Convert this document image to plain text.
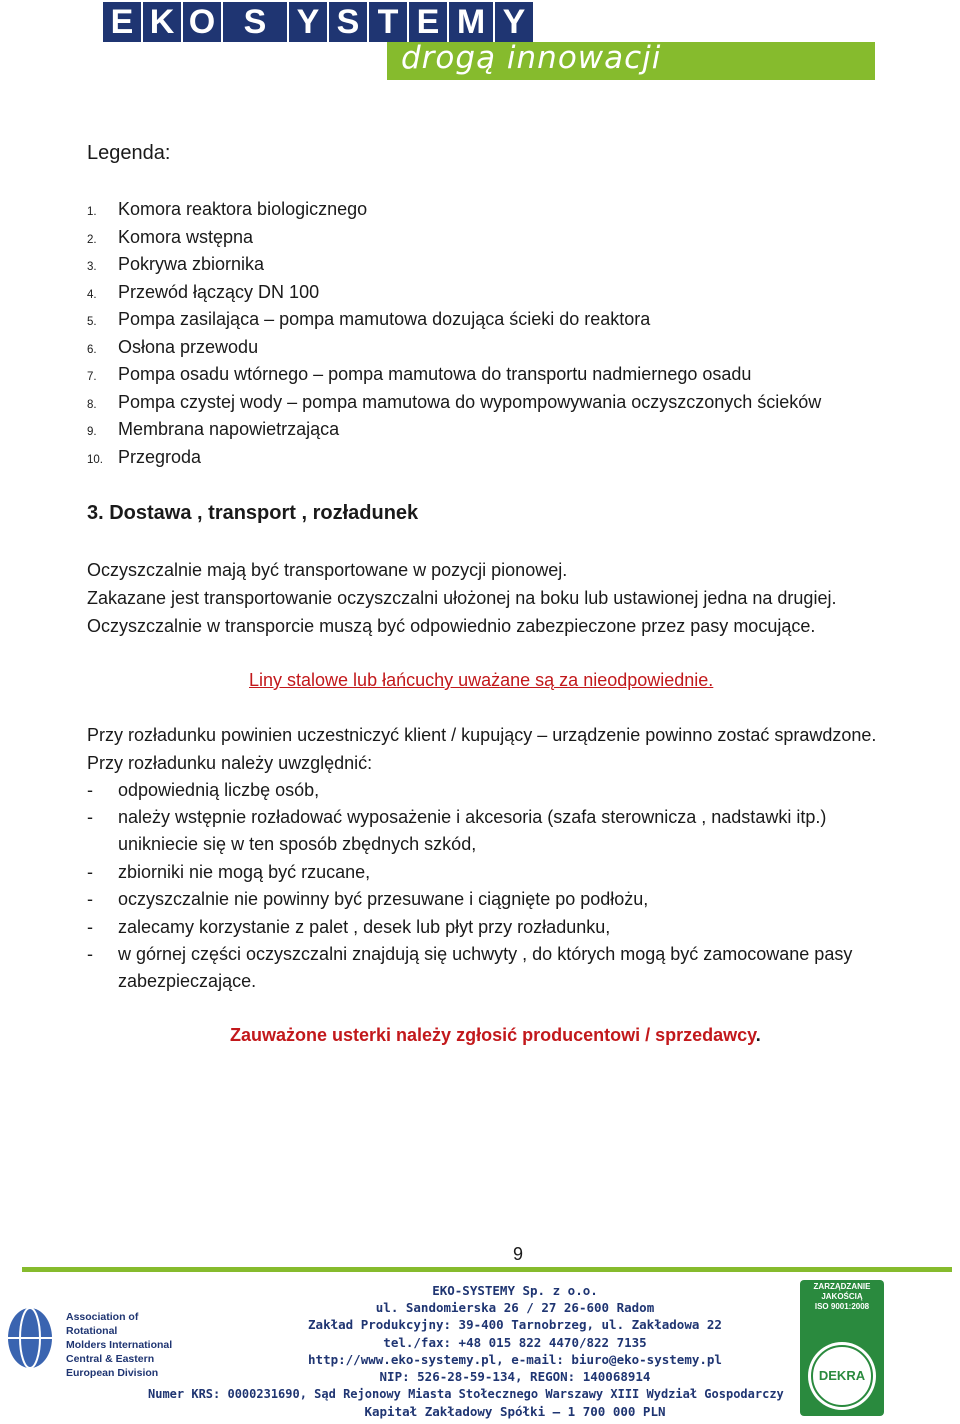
E K O S Y S T E M Y
drogą innowacji
Legenda:
1. Komora reaktora biologicznego
2. Komora wstępna
3. Pokrywa zbiornika
4. Przewód łączący DN 100
5. Pompa zasilająca – pompa mamutowa dozująca ścieki do reaktora
6. Osłona przewodu
7. Pompa osadu wtórnego – pompa mamutowa do transportu nadmiernego osadu
8. Pompa czystej wody – pompa mamutowa do wypompowywania oczyszczonych ścieków
9. Membrana napowietrzająca
10. Przegroda
3. Dostawa , transport , rozładunek
Oczyszczalnie mają być transportowane w pozycji pionowej.
Zakazane jest transportowanie oczyszczalni ułożonej na boku lub ustawionej jedna na drugiej.
Oczyszczalnie w transporcie muszą być odpowiednio zabezpieczone przez pasy mocujące.
Liny stalowe lub łańcuchy uważane są za nieodpowiednie.
Przy rozładunku powinien uczestniczyć klient / kupujący – urządzenie powinno zostać sprawdzone.
Przy rozładunku należy uwzględnić:
- odpowiednią liczbę osób,
- należy wstępnie rozładować wyposażenie i akcesoria (szafa sterownicza , nadstawki itp.)
unikniecie się w ten sposób zbędnych szkód,
- zbiorniki nie mogą być rzucane,
- oczyszczalnie nie powinny być przesuwane i ciągnięte po podłożu,
- zalecamy korzystanie z palet , desek lub płyt przy rozładunku,
- w górnej części oczyszczalni znajdują się uchwyty , do których mogą być zamocowane pasy
zabezpieczające.
Zauważone usterki należy zgłosić producentowi / sprzedawcy.
9
Association of Rotational
Molders International
Central & Eastern
European Division
EKO-SYSTEMY Sp. z o.o.
ul. Sandomierska 26 / 27 26-600 Radom
Zakład Produkcyjny: 39-400 Tarnobrzeg, ul. Zakładowa 22
tel./fax: +48 015 822 4470/822 7135
http://www.eko-systemy.pl, e-mail: biuro@eko-systemy.pl
NIP: 526-28-59-134, REGON: 140068914
Numer KRS: 0000231690, Sąd Rejonowy Miasta Stołecznego Warszawy XIII Wydział Gospodarczy
Kapitał Zakładowy Spółki – 1 700 000 PLN
ZARZĄDZANIE
JAKOŚCIĄ
ISO 9001:2008
DEKRA
